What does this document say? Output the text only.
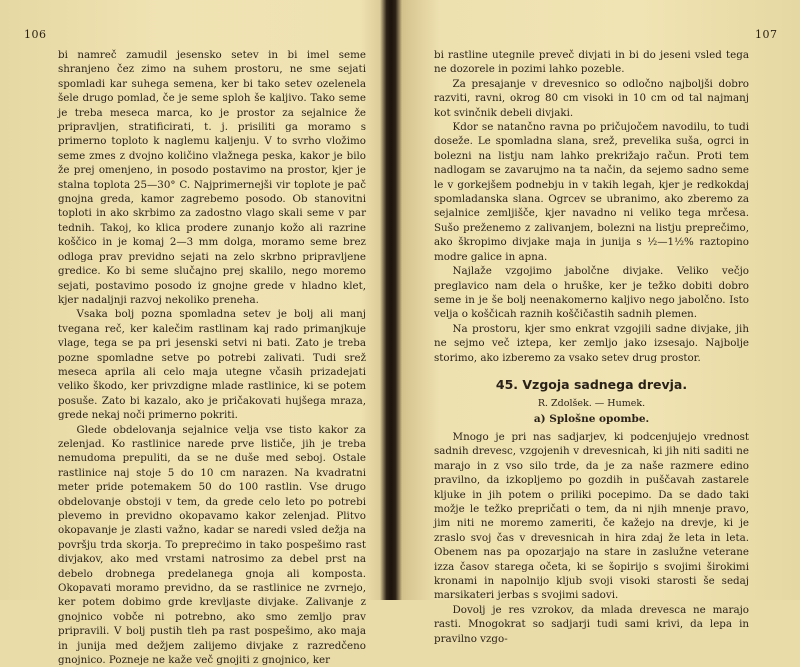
106

bi namreč zamudil jesensko setev in bi imel seme shranjeno čez zimo na suhem prostoru, ne sme sejati spomladi kar suhega semena, ker bi tako setev ozelenela šele drugo pomlad, če je seme sploh še kaljivo. Tako seme je treba meseca marca, ko je prostor za sejalnice že pripravljen, stratificirati, t. j. prisiliti ga moramo s primerno toploto k naglemu kaljenju. V to svrho vložimo seme zmes z dvojno količino vlažnega peska, kakor je bilo že prej omenjeno, in posodo postavimo na prostor, kjer je stalna toplota 25—30° C. Najprimernejši vir toplote je pač gnojna greda, kamor zagrebemo posodo. Ob stanovitni toploti in ako skrbimo za zadostno vlago skali seme v par tednih. Takoj, ko klica prodere zunanjo kožo ali razrine koščico in je komaj 2—3 mm dolga, moramo seme brez odloga prav previdno sejati na zelo skrbno pripravljene gredice. Ko bi seme slučajno prej skalilo, nego moremo sejati, postavimo posodo iz gnojne grede v hladno klet, kjer nadaljnji razvoj nekoliko preneha.

Vsaka bolj pozna spomladna setev je bolj ali manj tvegana reč, ker kalečim rastlinam kaj rado primanjkuje vlage, tega se pa pri jesenski setvi ni bati. Zato je treba pozne spomladne setve po potrebi zalivati. Tudi srež meseca aprila ali celo maja utegne včasih prizadejati veliko škodo, ker privzdigne mlade rastlinice, ki se potem posuše. Zato bi kazalo, ako je pričakovati hujšega mraza, grede nekaj noči primerno pokriti.

Glede obdelovanja sejalnice velja vse tisto kakor za zelenjad. Ko rastlinice narede prve lističe, jih je treba nemudoma prepuliti, da se ne duše med seboj. Ostale rastlinice naj stoje 5 do 10 cm narazen. Na kvadratni meter pride potemakem 50 do 100 rastlin. Vse drugo obdelovanje obstoji v tem, da grede celo leto po potrebi plevemo in previdno okopavamo kakor zelenjad. Plitvo okopavanje je zlasti važno, kadar se naredi vsled dežja na površju trda skorja. To prepreċimo in tako pospešimo rast divjakov, ako med vrstami natrosimo za debel prst na debelo drobnega predelanega gnoja ali komposta. Okopavati moramo previdno, da se rastlinice ne zvrnejo, ker potem dobimo grde krevljaste divjake. Zalivanje z gnojnico vobče ni potrebno, ako smo zemljo prav pripravili. V bolj pustih tleh pa rast pospešimo, ako maja in junija med dežjem zalijemo divjake z razredčeno gnojnico. Pozneje ne kaže več gnojiti z gnojnico, ker

107

bi rastline utegnile preveč divjati in bi do jeseni vsled tega ne dozorele in pozimi lahko pozeble.

Za presajanje v drevesnico so odločno najboljši dobro razviti, ravni, okrog 80 cm visoki in 10 cm od tal najmanj kot svinčnik debeli divjaki.

Kdor se natančno ravna po pričujočem navodilu, to tudi doseže. Le spomladna slana, srež, prevelika suša, ogrci in bolezni na listju nam lahko prekrižajo račun. Proti tem nadlogam se zavarujmo na ta način, da sejemo sadno seme le v gorkejšem podnebju in v takih legah, kjer je redkokdaj spomladanska slana. Ogrcev se ubranimo, ako zberemo za sejalnice zemljišče, kjer navadno ni veliko tega mrčesa. Sušo preženemo z zalivanjem, bolezni na listju preprečimo, ako škropimo divjake maja in junija s ½—1½% raztopino modre galice in apna.

Najlaže vzgojimo jabolčne divjake. Veliko večjo preglavico nam dela o hruške, ker je težko dobiti dobro seme in je še bolj neenakomerno kaljivo nego jabolčno. Isto velja o koščicah raznih koščičastih sadnih plemen.

Na prostoru, kjer smo enkrat vzgojili sadne divjake, jih ne sejmo več iztepa, ker zemljo jako izsesajo. Najbolje storimo, ako izberemo za vsako setev drug prostor.

45. Vzgoja sadnega drevja.
R. Zdolšek. — Humek.
a) Splošne opombe.

Mnogo je pri nas sadjarjev, ki podcenjujejo vrednost sadnih drevesc, vzgojenih v drevesnicah, ki jih niti saditi ne marajo in z vso silo trde, da je za naše razmere edino pravilno, da izkopljemo po gozdih in puščavah zastarele kljuke in jih potem o priliki pocepimo. Da se dado taki možje le težko prepričati o tem, da ni njih mnenje pravo, jim niti ne moremo zameriti, če kažejo na drevje, ki je zraslo svoj čas v drevesnicah in hira zdaj že leta in leta. Obenem nas pa opozarjajo na stare in zaslužne veterane izza časov starega očeta, ki se šopirijo s svojimi širokimi kronami in napolnijo kljub svoji visoki starosti še sedaj marsikateri jerbas s svojimi sadovi.

Dovolj je res vzrokov, da mlada drevesca ne marajo rasti. Mnogokrat so sadjarji tudi sami krivi, da lepa in pravilno vzgo-
